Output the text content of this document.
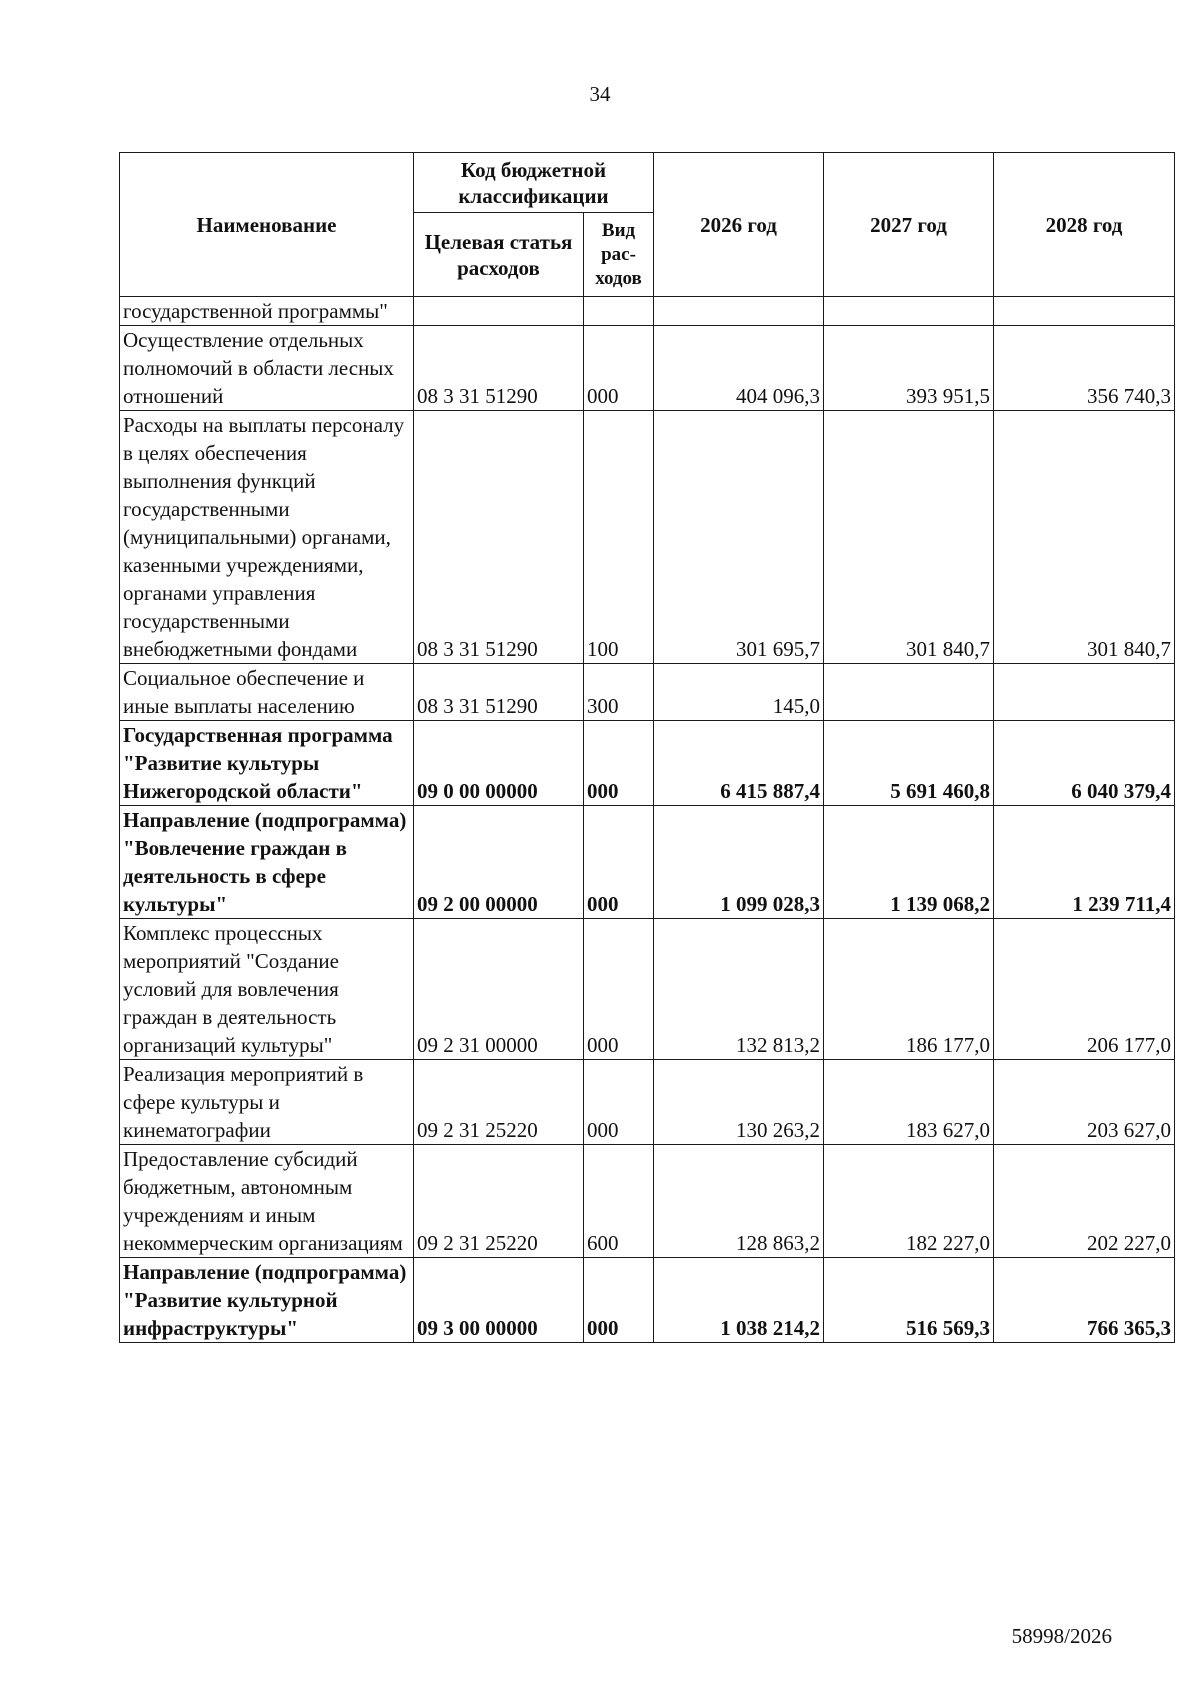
34
Наименование	Код бюджетной классификации		2026 год	2027 год	2028 год
	Целевая статья расходов	Вид рас-ходов			
государственной программы"					
Осуществление отдельных полномочий в области лесных отношений	08 3 31 51290	000	404 096,3	393 951,5	356 740,3
Расходы на выплаты персоналу в целях обеспечения выполнения функций государственными (муниципальными) органами, казенными учреждениями, органами управления государственными внебюджетными фондами	08 3 31 51290	100	301 695,7	301 840,7	301 840,7
Социальное обеспечение и иные выплаты населению	08 3 31 51290	300	145,0		
Государственная программа "Развитие культуры Нижегородской области"	09 0 00 00000	000	6 415 887,4	5 691 460,8	6 040 379,4
Направление (подпрограмма) "Вовлечение граждан в деятельность в сфере культуры"	09 2 00 00000	000	1 099 028,3	1 139 068,2	1 239 711,4
Комплекс процессных мероприятий "Создание условий для вовлечения граждан в деятельность организаций культуры"	09 2 31 00000	000	132 813,2	186 177,0	206 177,0
Реализация мероприятий в сфере культуры и кинематографии	09 2 31 25220	000	130 263,2	183 627,0	203 627,0
Предоставление субсидий бюджетным, автономным учреждениям и иным некоммерческим организациям	09 2 31 25220	600	128 863,2	182 227,0	202 227,0
Направление (подпрограмма) "Развитие культурной инфраструктуры"	09 3 00 00000	000	1 038 214,2	516 569,3	766 365,3
58998/2026
